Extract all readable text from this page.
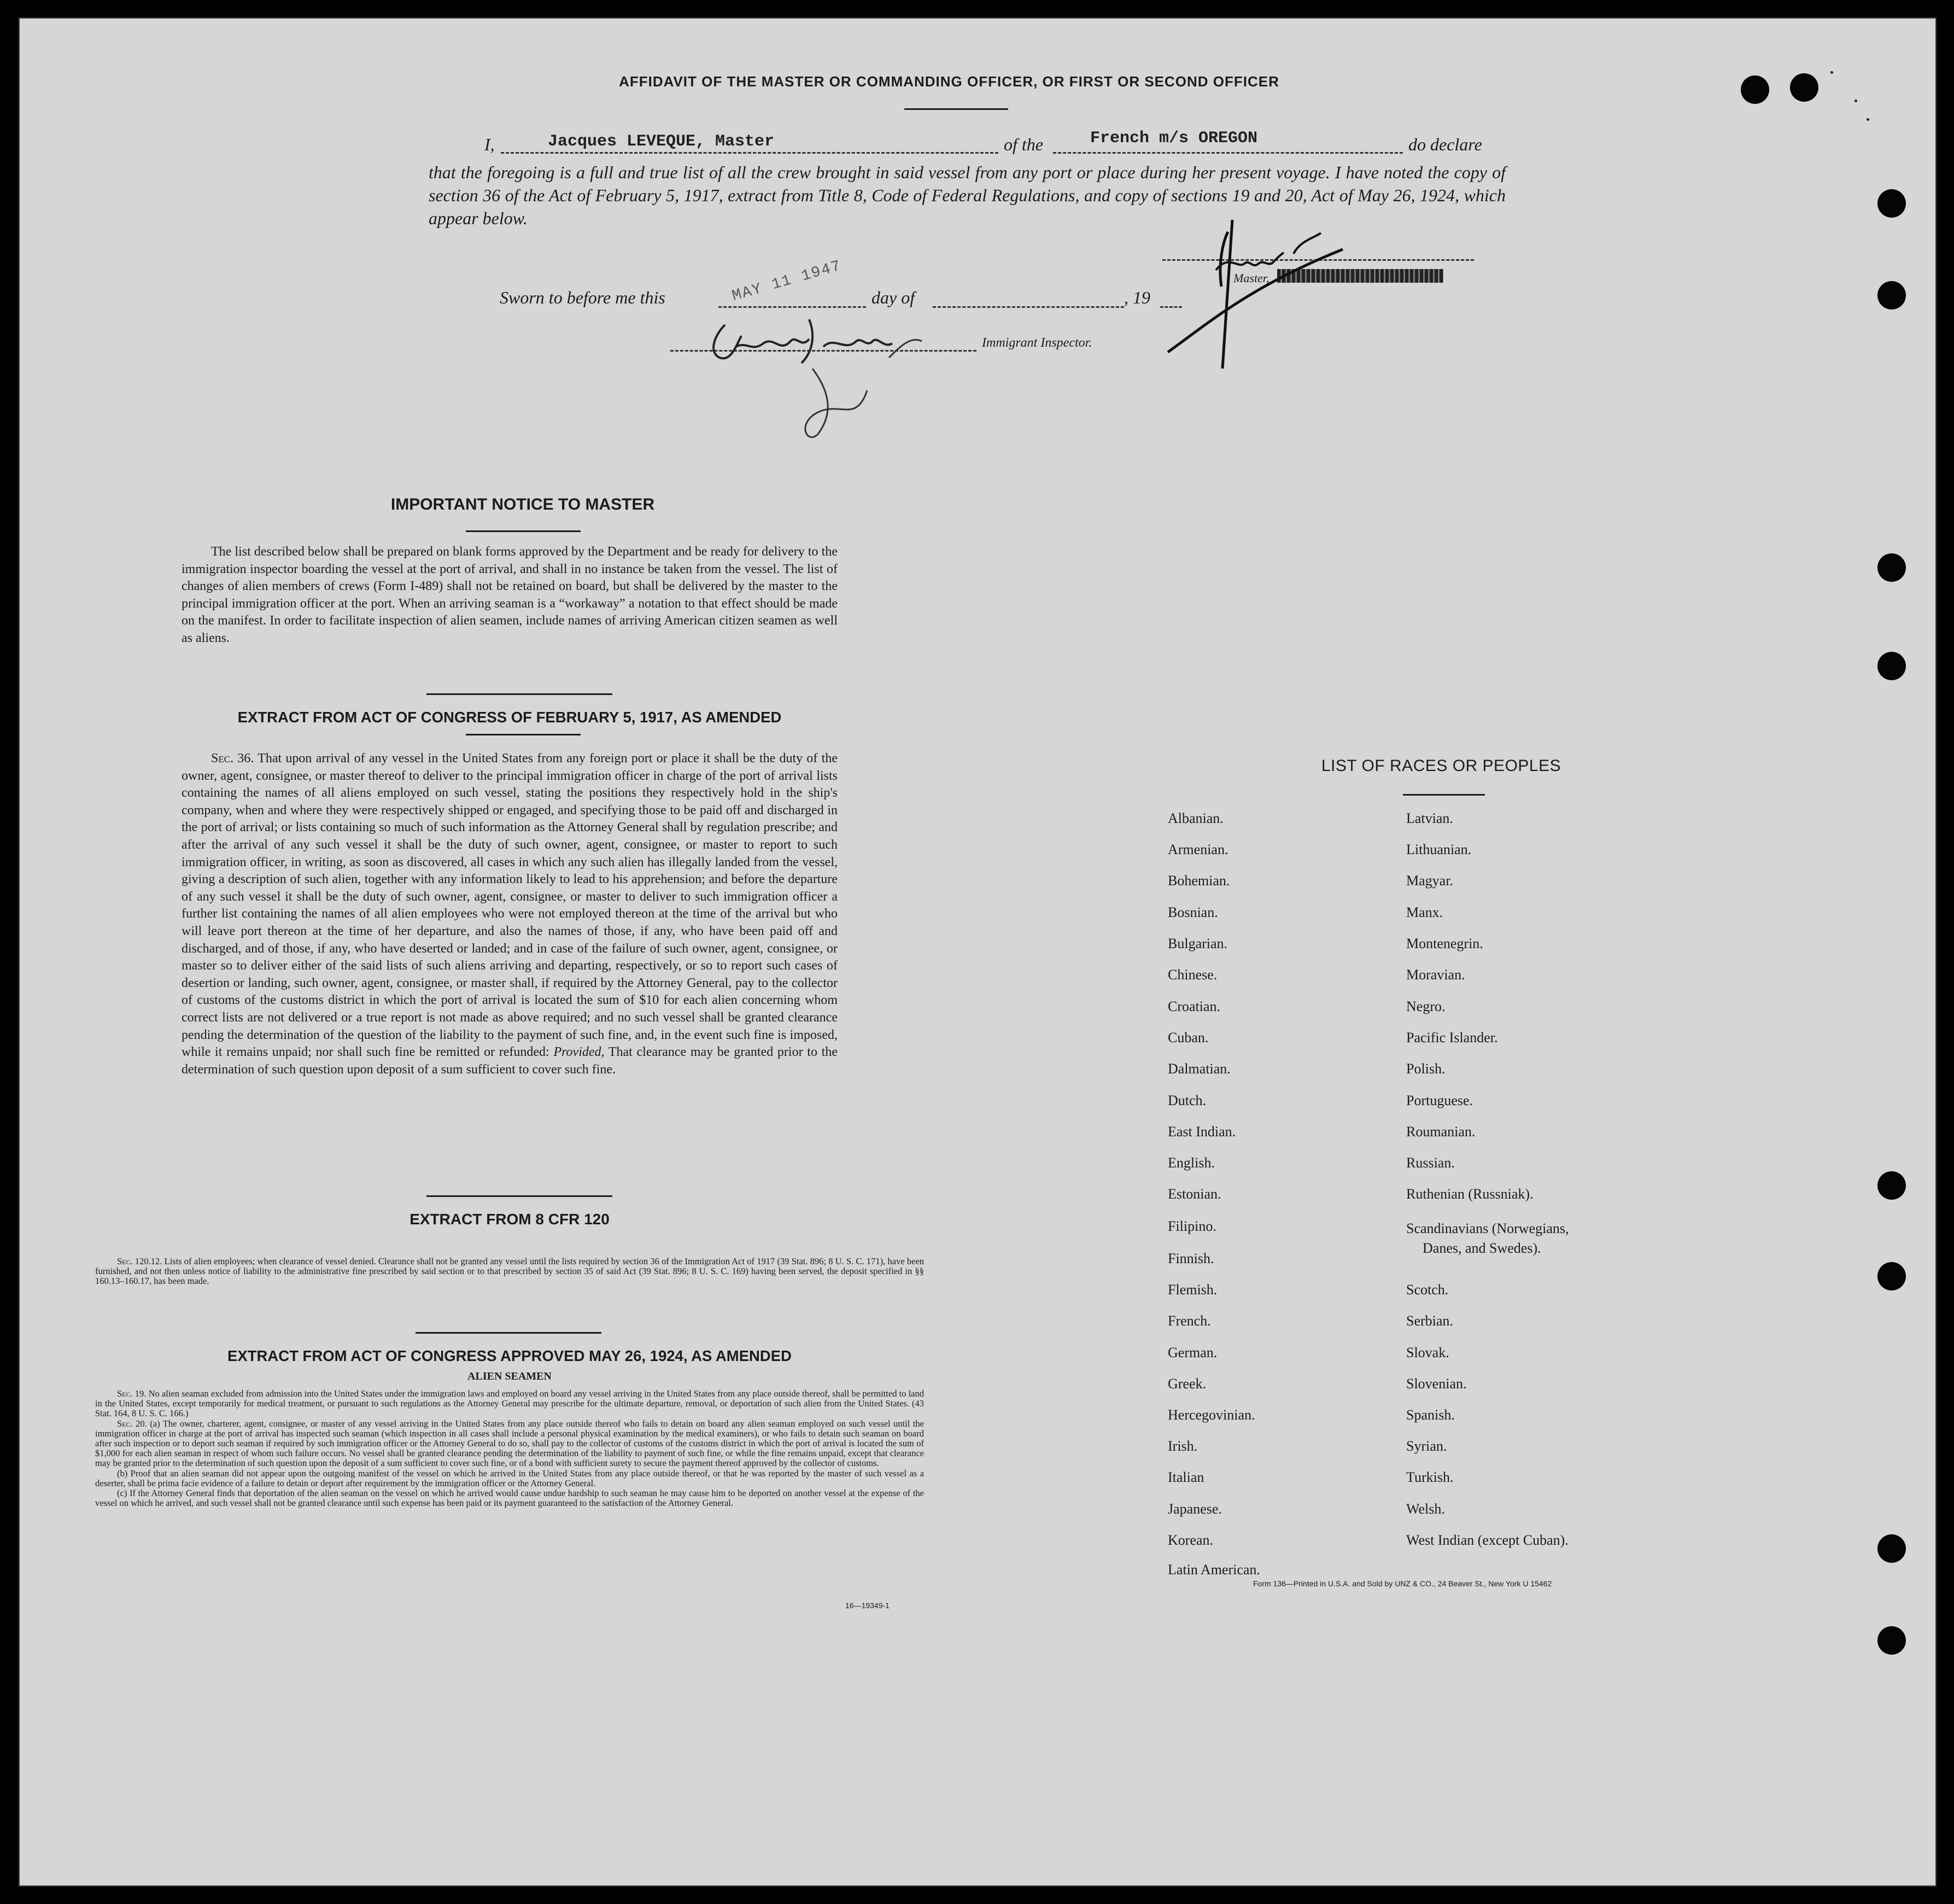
AFFIDAVIT OF THE MASTER OR COMMANDING OFFICER, OR FIRST OR SECOND OFFICER
I,	Jacques LEVEQUE, Master	of the	French m/s OREGON	do declare
that the foregoing is a full and true list of all the crew brought in said vessel from any port or place during her present voyage. I have noted the copy of section 36 of the Act of February 5, 1917, extract from Title 8, Code of Federal Regulations, and copy of sections 19 and 20, Act of May 26, 1924, which appear below.
Sworn to before me this	MAY 11 1947 day of	, 19
Immigrant Inspector.
Master,
IMPORTANT NOTICE TO MASTER
The list described below shall be prepared on blank forms approved by the Department and be ready for delivery to the immigration inspector boarding the vessel at the port of arrival, and shall in no instance be taken from the vessel. The list of changes of alien members of crews (Form I-489) shall not be retained on board, but shall be delivered by the master to the principal immigration officer at the port. When an arriving seaman is a “workaway” a notation to that effect should be made on the manifest. In order to facilitate inspection of alien seamen, include names of arriving American citizen seamen as well as aliens.
EXTRACT FROM ACT OF CONGRESS OF FEBRUARY 5, 1917, AS AMENDED
Sec. 36. That upon arrival of any vessel in the United States from any foreign port or place it shall be the duty of the owner, agent, consignee, or master thereof to deliver to the principal immigration officer in charge of the port of arrival lists containing the names of all aliens employed on such vessel, stating the positions they respectively hold in the ship's company, when and where they were respectively shipped or engaged, and specifying those to be paid off and discharged in the port of arrival; or lists containing so much of such information as the Attorney General shall by regulation prescribe; and after the arrival of any such vessel it shall be the duty of such owner, agent, consignee, or master to report to such immigration officer, in writing, as soon as discovered, all cases in which any such alien has illegally landed from the vessel, giving a description of such alien, together with any information likely to lead to his apprehension; and before the departure of any such vessel it shall be the duty of such owner, agent, consignee, or master to deliver to such immigration officer a further list containing the names of all alien employees who were not employed thereon at the time of the arrival but who will leave port thereon at the time of her departure, and also the names of those, if any, who have been paid off and discharged, and of those, if any, who have deserted or landed; and in case of the failure of such owner, agent, consignee, or master so to deliver either of the said lists of such aliens arriving and departing, respectively, or so to report such cases of desertion or landing, such owner, agent, consignee, or master shall, if required by the Attorney General, pay to the collector of customs of the customs district in which the port of arrival is located the sum of $10 for each alien concerning whom correct lists are not delivered or a true report is not made as above required; and no such vessel shall be granted clearance pending the determination of the question of the liability to the payment of such fine, and, in the event such fine is imposed, while it remains unpaid; nor shall such fine be remitted or refunded: Provided, That clearance may be granted prior to the determination of such question upon deposit of a sum sufficient to cover such fine.
EXTRACT FROM 8 CFR 120

Sec. 120.12. Lists of alien employees; when clearance of vessel denied. Clearance shall not be granted any vessel until the lists required by section 36 of the Immigration Act of 1917 (39 Stat. 896; 8 U. S. C. 171), have been furnished, and not then unless notice of liability to the administrative fine prescribed by said section or to that prescribed by section 35 of said Act (39 Stat. 896; 8 U. S. C. 169) having been served, the deposit specified in §§ 160.13–160.17, has been made.

EXTRACT FROM ACT OF CONGRESS APPROVED MAY 26, 1924, AS AMENDED
ALIEN SEAMEN

Sec. 19. No alien seaman excluded from admission into the United States under the immigration laws and employed on board any vessel arriving in the United States from any place outside thereof, shall be permitted to land in the United States, except temporarily for medical treatment, or pursuant to such regulations as the Attorney General may prescribe for the ultimate departure, removal, or deportation of such alien from the United States. (43 Stat. 164, 8 U. S. C. 166.)

Sec. 20. (a) The owner, charterer, agent, consignee, or master of any vessel arriving in the United States from any place outside thereof who fails to detain on board any alien seaman employed on such vessel until the immigration officer in charge at the port of arrival has inspected such seaman (which inspection in all cases shall include a personal physical examination by the medical examiners), or who fails to detain such seaman on board after such inspection or to deport such seaman if required by such immigration officer or the Attorney General to do so, shall pay to the collector of customs of the customs district in which the port of arrival is located the sum of $1,000 for each alien seaman in respect of whom such failure occurs. No vessel shall be granted clearance pending the determination of the liability to payment of such fine, or while the fine remains unpaid, except that clearance may be granted prior to the determination of such question upon the deposit of a sum sufficient to cover such fine, or of a bond with sufficient surety to secure the payment thereof approved by the collector of customs.

(b) Proof that an alien seaman did not appear upon the outgoing manifest of the vessel on which he arrived in the United States from any place outside thereof, or that he was reported by the master of such vessel as a deserter, shall be prima facie evidence of a failure to detain or deport after requirement by the immigration officer or the Attorney General.

(c) If the Attorney General finds that deportation of the alien seaman on the vessel on which he arrived would cause undue hardship to such seaman he may cause him to be deported on another vessel at the expense of the vessel on which he arrived, and such vessel shall not be granted clearance until such expense has been paid or its payment guaranteed to the satisfaction of the Attorney General.

16—19349-1
LIST OF RACES OR PEOPLES
Albanian.
Armenian.
Bohemian.
Bosnian.
Bulgarian.
Chinese.
Croatian.
Cuban.
Dalmatian.
Dutch.
East Indian.
English.
Estonian.
Filipino.
Finnish.
Flemish.
French.
German.
Greek.
Hercegovinian.
Irish.
Italian
Japanese.
Korean.
Latin American.
Latvian.
Lithuanian.
Magyar.
Manx.
Montenegrin.
Moravian.
Negro.
Pacific Islander.
Polish.
Portuguese.
Roumanian.
Russian.
Ruthenian (Russniak).
Scandinavians (Norwegians,
Danes, and Swedes).
Scotch.
Serbian.
Slovak.
Slovenian.
Spanish.
Syrian.
Turkish.
Welsh.
West Indian (except Cuban).
Form 136—Printed in U.S.A. and Sold by UNZ & CO., 24 Beaver St., New York U 15462
